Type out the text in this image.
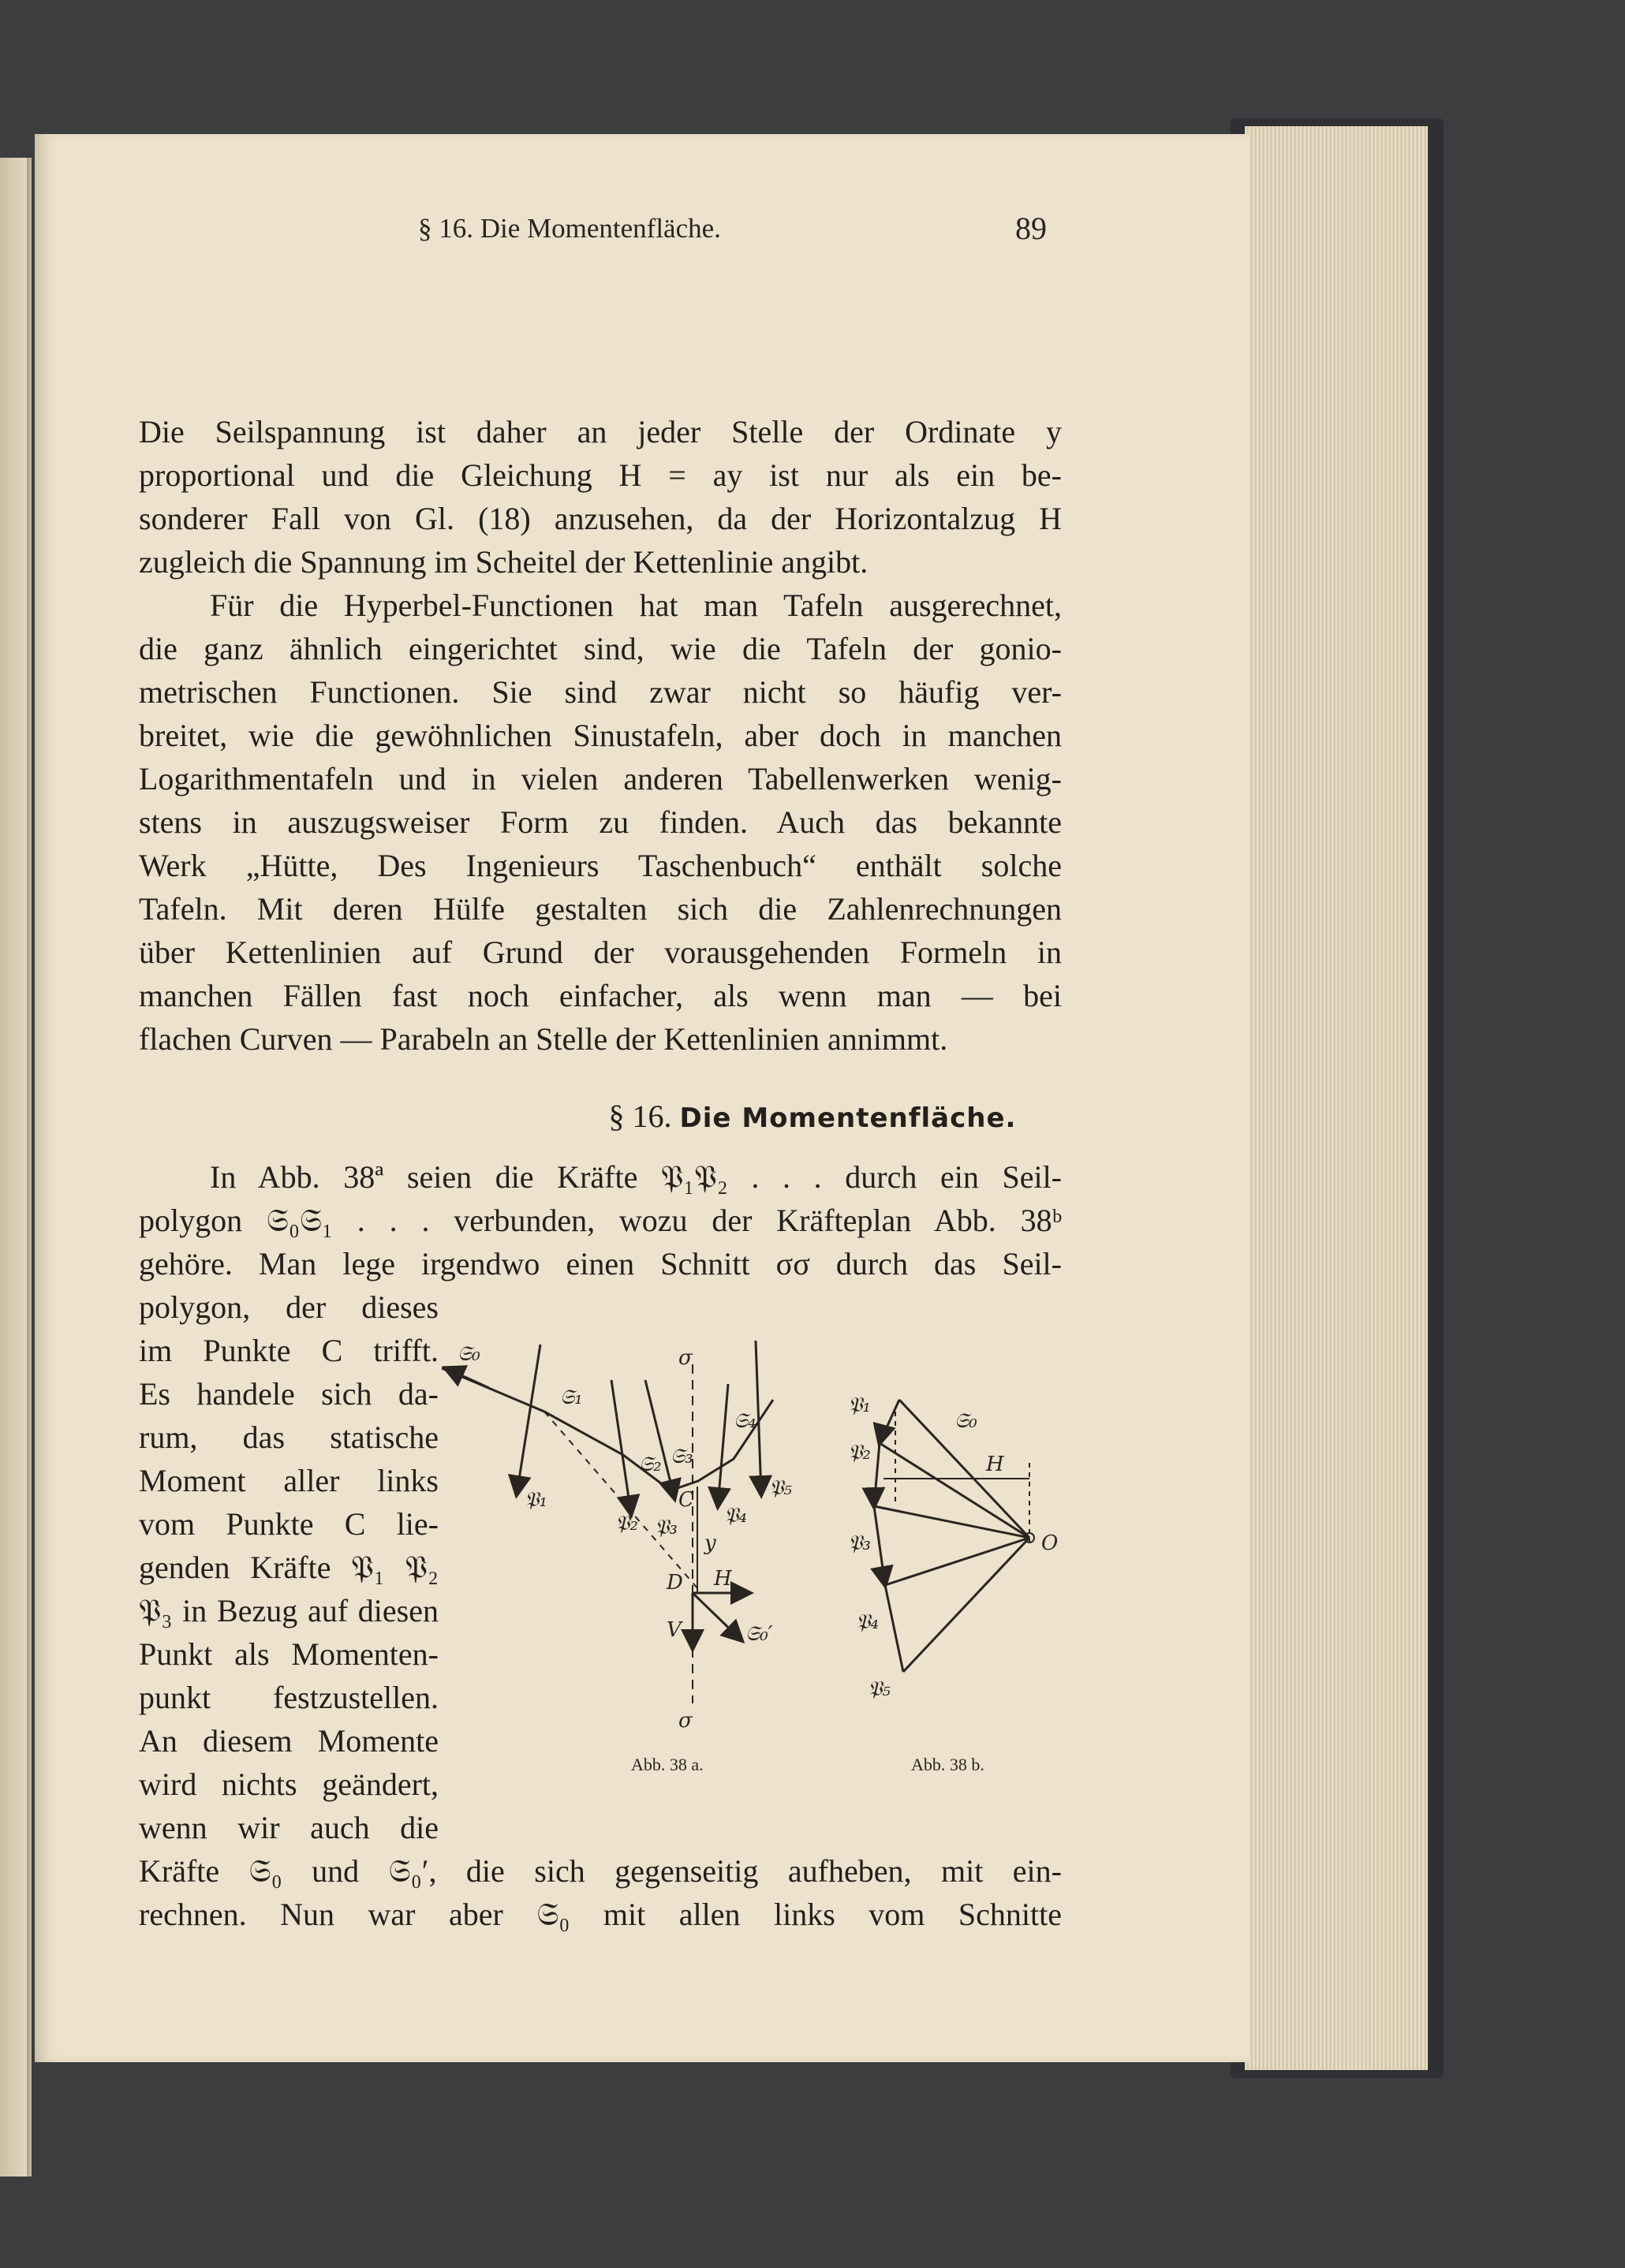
§ 16. Die Momentenfläche.	89
Die Seilspannung ist daher an jeder Stelle der Ordinate y
proportional und die Gleichung H = ay ist nur als ein be-
sonderer Fall von Gl. (18) anzusehen, da der Horizontalzug H
zugleich die Spannung im Scheitel der Kettenlinie angibt.
Für die Hyperbel-Functionen hat man Tafeln ausgerechnet,
die ganz ähnlich eingerichtet sind, wie die Tafeln der gonio-
metrischen Functionen. Sie sind zwar nicht so häufig ver-
breitet, wie die gewöhnlichen Sinustafeln, aber doch in manchen
Logarithmentafeln und in vielen anderen Tabellenwerken wenig-
stens in auszugsweiser Form zu finden. Auch das bekannte
Werk „Hütte, Des Ingenieurs Taschenbuch“ enthält solche
Tafeln. Mit deren Hülfe gestalten sich die Zahlenrechnungen
über Kettenlinien auf Grund der vorausgehenden Formeln in
manchen Fällen fast noch einfacher, als wenn man — bei
flachen Curven — Parabeln an Stelle der Kettenlinien annimmt.
§ 16. Die Momentenfläche.
In Abb. 38ª seien die Kräfte 𝔓₁𝔓₂ . . . durch ein Seil-
polygon 𝔖₀𝔖₁ . . . verbunden, wozu der Kräfteplan Abb. 38ᵇ
gehöre. Man lege irgendwo einen Schnitt σσ durch das Seil-
polygon, der dieses
im Punkte C trifft.
Es handele sich da-
rum, das statische
Moment aller links
vom Punkte C lie-
genden Kräfte 𝔓₁ 𝔓₂
𝔓₃ in Bezug auf diesen
Punkt als Momenten-
punkt festzustellen.
An diesem Momente
wird nichts geändert,
wenn wir auch die
Kräfte 𝔖₀ und 𝔖₀′, die sich gegenseitig aufheben, mit ein-
rechnen. Nun war aber 𝔖₀ mit allen links vom Schnitte
σ
σ
𝔖₀
𝔖₁
𝔖₂ 𝔖₃
𝔖₄
𝔖₀′
𝔓₁
𝔓₂ 𝔓₃ 𝔓₄
𝔓₅
C
D
V
H
y
𝔓₁
𝔓₂
𝔓₃
𝔓₄
𝔓₅
𝔖₀
H
O
Abb. 38 a.	Abb. 38 b.
